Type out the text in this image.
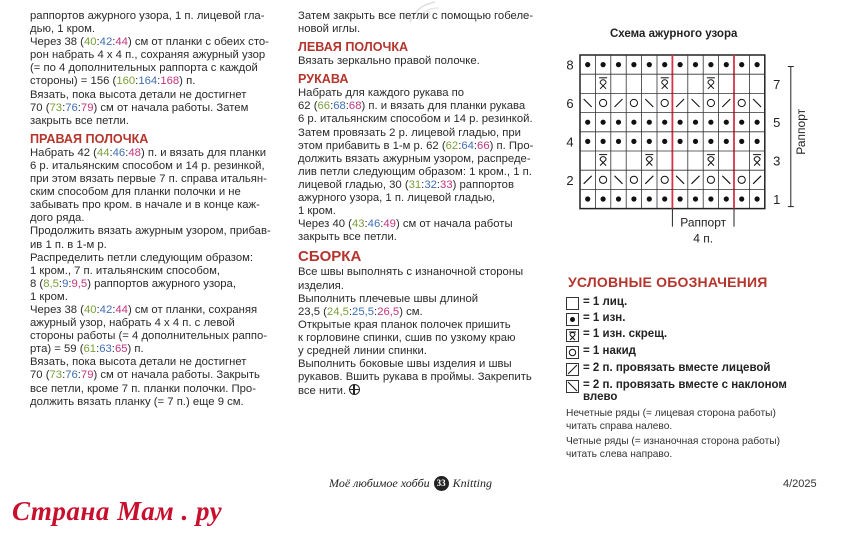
раппортов ажурного узора, 1 п. лицевой гла-
дью, 1 кром.
Через 38 (40:42:44) см от планки с обеих сто-
рон набрать 4 х 4 п., сохраняя ажурный узор
(= по 4 дополнительных раппорта с каждой
стороны) = 156 (160:164:168) п.
Вязать, пока высота детали не достигнет
70 (73:76:79) см от начала работы. Затем
закрыть все петли.
ПРАВАЯ ПОЛОЧКА
Набрать 42 (44:46:48) п. и вязать для планки
6 р. итальянским способом и 14 р. резинкой,
при этом вязать первые 7 п. справа итальян-
ским способом для планки полочки и не
забывать про кром. в начале и в конце каж-
дого ряда.
Продолжить вязать ажурным узором, прибав-
ив 1 п. в 1-м р.
Распределить петли следующим образом:
1 кром., 7 п. итальянским способом,
8 (8,5:9:9,5) раппортов ажурного узора,
1 кром.
Через 38 (40:42:44) см от планки, сохраняя
ажурный узор, набрать 4 х 4 п. с левой
стороны работы (= 4 дополнительных раппо-
рта) = 59 (61:63:65) п.
Вязать, пока высота детали не достигнет
70 (73:76:79) см от начала работы. Закрыть
все петли, кроме 7 п. планки полочки. Про-
должить вязать планку (= 7 п.) еще 9 см.
Затем закрыть все петли с помощью гобеле-
новой иглы.
ЛЕВАЯ ПОЛОЧКА
Вязать зеркально правой полочке.
РУКАВА
Набрать для каждого рукава по
62 (66:68:68) п. и вязать для планки рукава
6 р. итальянским способом и 14 р. резинкой.
Затем провязать 2 р. лицевой гладью, при
этом прибавить в 1-м р. 62 (62:64:66) п. Про-
должить вязать ажурным узором, распреде-
лив петли следующим образом: 1 кром., 1 п.
лицевой гладью, 30 (31:32:33) раппортов
ажурного узора, 1 п. лицевой гладью,
1 кром.
Через 40 (43:46:49) см от начала работы
закрыть все петли.
СБОРКА
Все швы выполнять с изнаночной стороны
изделия.
Выполнить плечевые швы длиной
23,5 (24,5:25,5:26,5) см.
Открытые края планок полочек пришить
к горловине спинки, сшив по узкому краю
у средней линии спинки.
Выполнить боковые швы изделия и швы
рукавов. Вшить рукава в проймы. Закрепить
все нити.
Схема ажурного узора
8
6
4
2
7
5
3
1
Раппорт
Раппорт
4 п.
УСЛОВНЫЕ ОБОЗНАЧЕНИЯ
= 1 лиц.
= 1 изн.
= 1 изн. скрещ.
= 1 накид
= 2 п. провязать вместе лицевой
= 2 п. провязать вместе с наклоном
влево
Нечетные ряды (= лицевая сторона работы)
читать справа налево.
Четные ряды (= изнаночная сторона работы)
читать слева направо.
Моё любимое хобби 33 Knitting	4/2025
Страна Мам . ру
